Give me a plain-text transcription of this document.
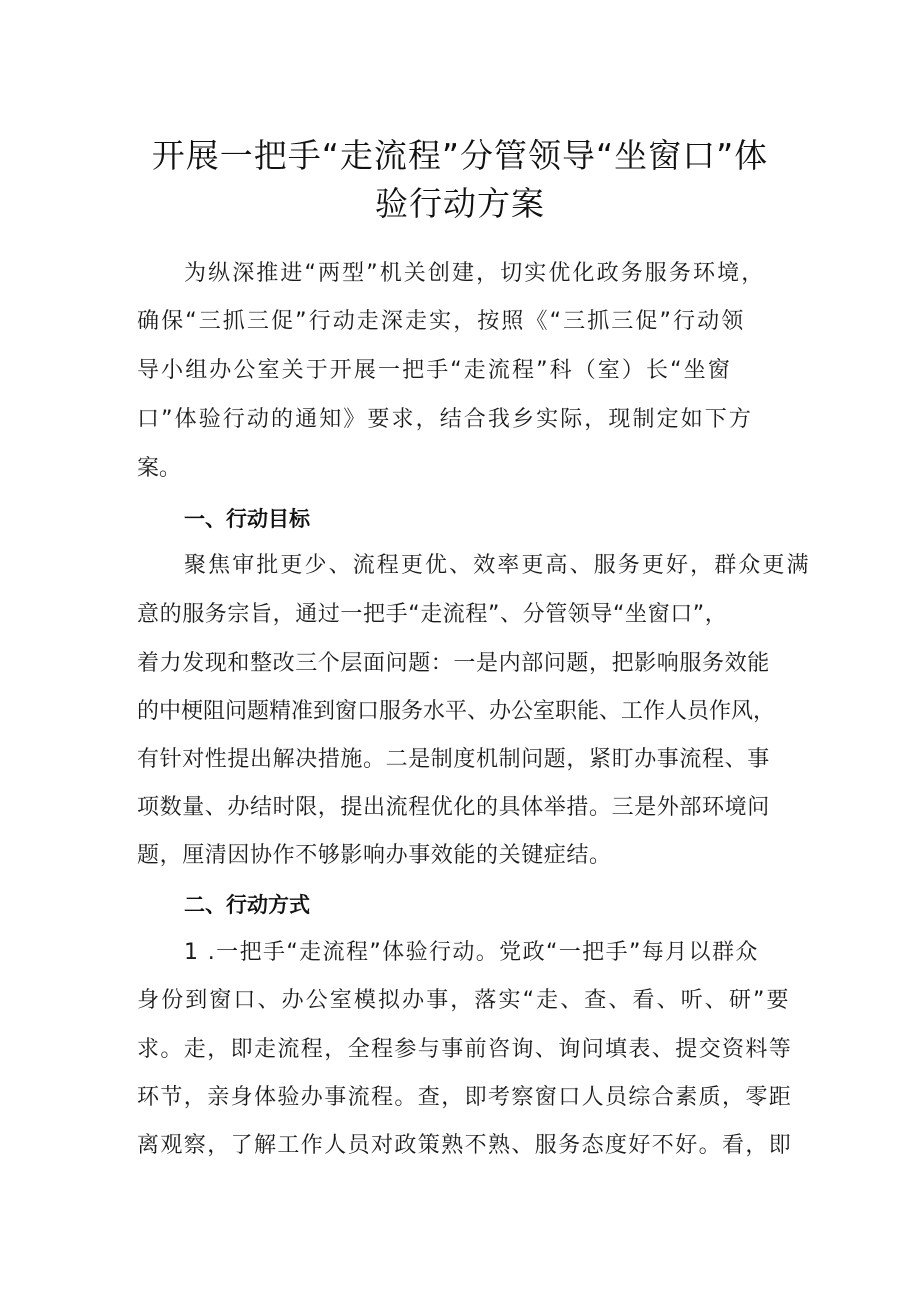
开展一把手“走流程”分管领导“坐窗口”体
验行动方案
为纵深推进“两型”机关创建，切实优化政务服务环境，
确保“三抓三促”行动走深走实，按照《“三抓三促”行动领
导小组办公室关于开展一把手“走流程”科（室）长“坐窗
口”体验行动的通知》要求，结合我乡实际，现制定如下方
案。
一、行动目标
聚焦审批更少、流程更优、效率更高、服务更好，群众更满
意的服务宗旨，通过一把手“走流程”、分管领导“坐窗口”，
着力发现和整改三个层面问题：一是内部问题，把影响服务效能
的中梗阻问题精准到窗口服务水平、办公室职能、工作人员作风，
有针对性提出解决措施。二是制度机制问题，紧盯办事流程、事
项数量、办结时限，提出流程优化的具体举措。三是外部环境问
题，厘清因协作不够影响办事效能的关键症结。
二、行动方式
1 .一把手“走流程”体验行动。党政“一把手”每月以群众
身份到窗口、办公室模拟办事，落实“走、查、看、听、研”要
求。走，即走流程，全程参与事前咨询、询问填表、提交资料等
环节，亲身体验办事流程。查，即考察窗口人员综合素质，零距
离观察，了解工作人员对政策熟不熟、服务态度好不好。看，即
